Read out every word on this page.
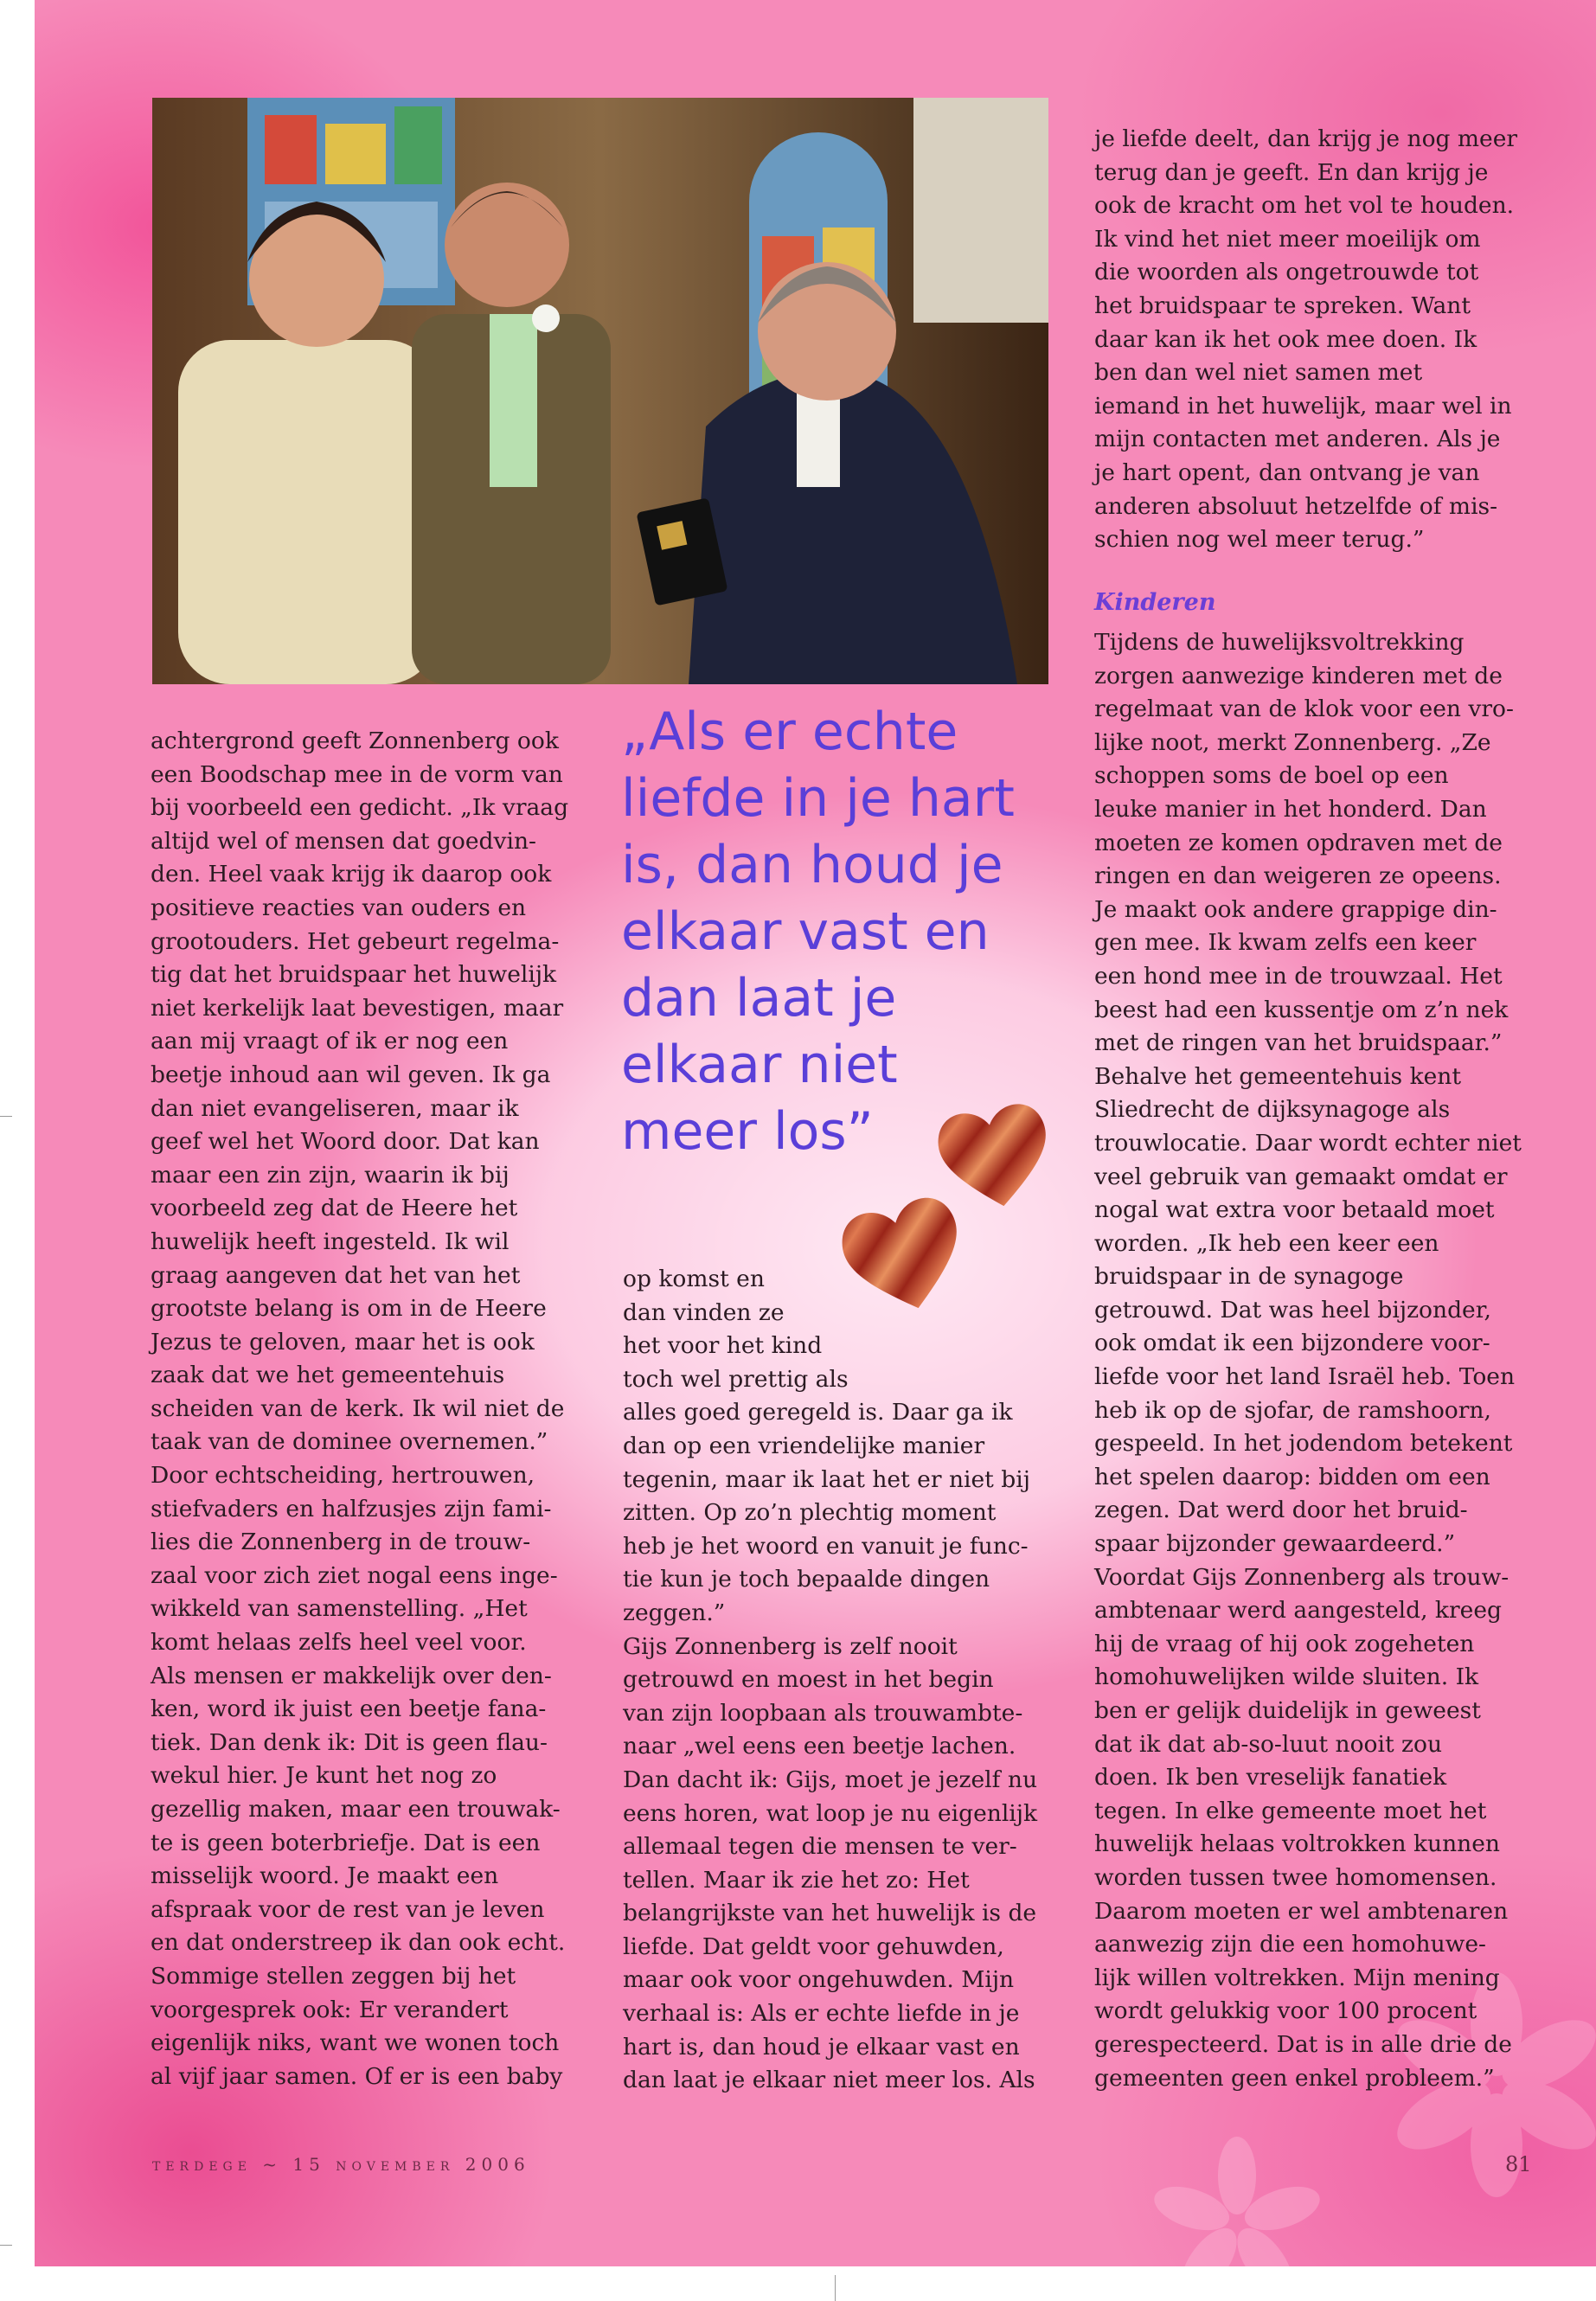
je liefde deelt, dan krijg je nog meer
terug dan je geeft. En dan krijg je
ook de kracht om het vol te houden.
Ik vind het niet meer moeilijk om
die woorden als ongetrouwde tot
het bruidspaar te spreken. Want
daar kan ik het ook mee doen. Ik
ben dan wel niet samen met
iemand in het huwelijk, maar wel in
mijn contacten met anderen. Als je
je hart opent, dan ontvang je van
anderen absoluut hetzelfde of mis-
schien nog wel meer terug.”
Kinderen
Tijdens de huwelijksvoltrekking
zorgen aanwezige kinderen met de
regelmaat van de klok voor een vro-
lijke noot, merkt Zonnenberg. „Ze
schoppen soms de boel op een
leuke manier in het honderd. Dan
moeten ze komen opdraven met de
ringen en dan weigeren ze opeens.
Je maakt ook andere grappige din-
gen mee. Ik kwam zelfs een keer
een hond mee in de trouwzaal. Het
beest had een kussentje om z’n nek
met de ringen van het bruidspaar.”
Behalve het gemeentehuis kent
Sliedrecht de dijksynagoge als
trouwlocatie. Daar wordt echter niet
veel gebruik van gemaakt omdat er
nogal wat extra voor betaald moet
worden. „Ik heb een keer een
bruidspaar in de synagoge
getrouwd. Dat was heel bijzonder,
ook omdat ik een bijzondere voor-
liefde voor het land Israël heb. Toen
heb ik op de sjofar, de ramshoorn,
gespeeld. In het jodendom betekent
het spelen daarop: bidden om een
zegen. Dat werd door het bruid-
spaar bijzonder gewaardeerd.”
Voordat Gijs Zonnenberg als trouw-
ambtenaar werd aangesteld, kreeg
hij de vraag of hij ook zogeheten
homohuwelijken wilde sluiten. Ik
ben er gelijk duidelijk in geweest
dat ik dat ab-so-luut nooit zou
doen. Ik ben vreselijk fanatiek
tegen. In elke gemeente moet het
huwelijk helaas voltrokken kunnen
worden tussen twee homomensen.
Daarom moeten er wel ambtenaren
aanwezig zijn die een homohuwe-
lijk willen voltrekken. Mijn mening
wordt gelukkig voor 100 procent
gerespecteerd. Dat is in alle drie de
gemeenten geen enkel probleem.”
achtergrond geeft Zonnenberg ook
een Boodschap mee in de vorm van
bij voorbeeld een gedicht. „Ik vraag
altijd wel of mensen dat goedvin-
den. Heel vaak krijg ik daarop ook
positieve reacties van ouders en
grootouders. Het gebeurt regelma-
tig dat het bruidspaar het huwelijk
niet kerkelijk laat bevestigen, maar
aan mij vraagt of ik er nog een
beetje inhoud aan wil geven. Ik ga
dan niet evangeliseren, maar ik
geef wel het Woord door. Dat kan
maar een zin zijn, waarin ik bij
voorbeeld zeg dat de Heere het
huwelijk heeft ingesteld. Ik wil
graag aangeven dat het van het
grootste belang is om in de Heere
Jezus te geloven, maar het is ook
zaak dat we het gemeentehuis
scheiden van de kerk. Ik wil niet de
taak van de dominee overnemen.”
Door echtscheiding, hertrouwen,
stiefvaders en halfzusjes zijn fami-
lies die Zonnenberg in de trouw-
zaal voor zich ziet nogal eens inge-
wikkeld van samenstelling. „Het
komt helaas zelfs heel veel voor.
Als mensen er makkelijk over den-
ken, word ik juist een beetje fana-
tiek. Dan denk ik: Dit is geen flau-
wekul hier. Je kunt het nog zo
gezellig maken, maar een trouwak-
te is geen boterbriefje. Dat is een
misselijk woord. Je maakt een
afspraak voor de rest van je leven
en dat onderstreep ik dan ook echt.
Sommige stellen zeggen bij het
voorgesprek ook: Er verandert
eigenlijk niks, want we wonen toch
al vijf jaar samen. Of er is een baby
„Als er echte
liefde in je hart
is, dan houd je
elkaar vast en
dan laat je
elkaar niet
meer los”
op komst en
dan vinden ze
het voor het kind
toch wel prettig als
alles goed geregeld is. Daar ga ik
dan op een vriendelijke manier
tegenin, maar ik laat het er niet bij
zitten. Op zo’n plechtig moment
heb je het woord en vanuit je func-
tie kun je toch bepaalde dingen
zeggen.”
Gijs Zonnenberg is zelf nooit
getrouwd en moest in het begin
van zijn loopbaan als trouwambte-
naar „wel eens een beetje lachen.
Dan dacht ik: Gijs, moet je jezelf nu
eens horen, wat loop je nu eigenlijk
allemaal tegen die mensen te ver-
tellen. Maar ik zie het zo: Het
belangrijkste van het huwelijk is de
liefde. Dat geldt voor gehuwden,
maar ook voor ongehuwden. Mijn
verhaal is: Als er echte liefde in je
hart is, dan houd je elkaar vast en
dan laat je elkaar niet meer los. Als
terdege ~ 15 november 2006	81
